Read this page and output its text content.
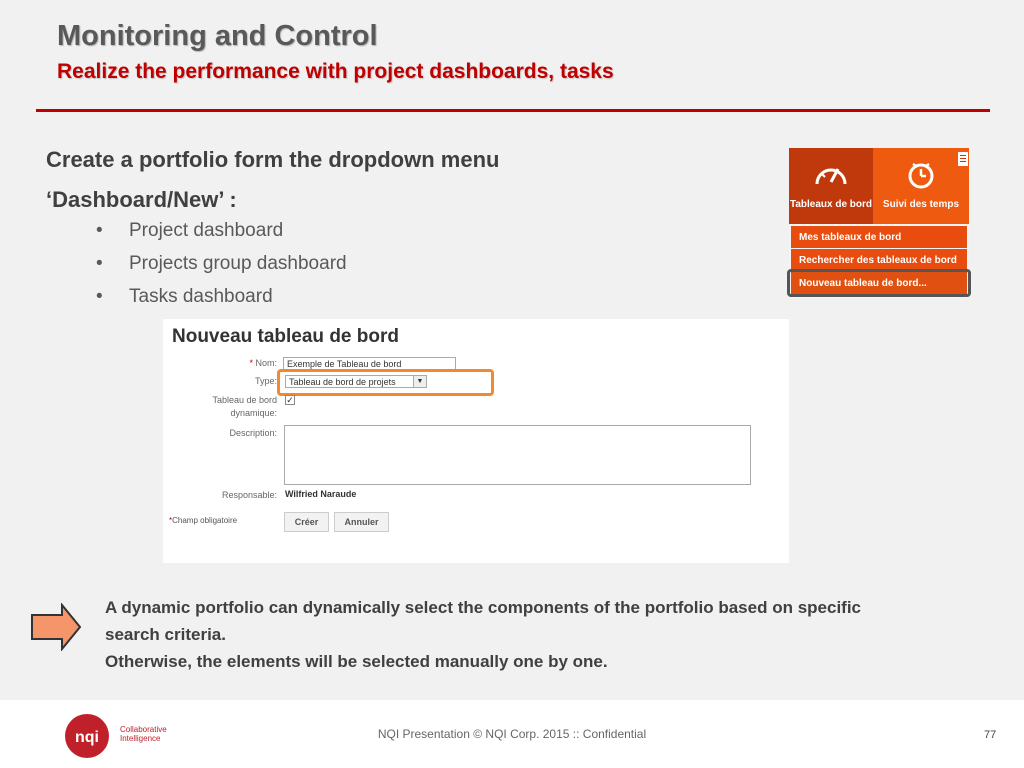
Monitoring and Control
Realize the performance with project dashboards, tasks
Create a portfolio form the dropdown menu
‘Dashboard/New’ :
• Project dashboard
• Projects group dashboard
• Tasks dashboard
Tableaux de bord	Suivi des temps
Mes tableaux de bord
Rechercher des tableaux de bord
Nouveau tableau de bord...
Nouveau tableau de bord
* Nom:	Exemple de Tableau de bord
Type:	Tableau de bord de projets	▼
Tableau de bord
dynamique:
✓
Description:
Responsable: Wilfried Naraude
*Champ obligatoire	Créer	Annuler
A dynamic portfolio can dynamically select the components of the portfolio based on specific
search criteria.
Otherwise, the elements will be selected manually one by one.
nqi	Collaborative
Intelligence	NQI Presentation © NQI Corp. 2015 :: Confidential	77
